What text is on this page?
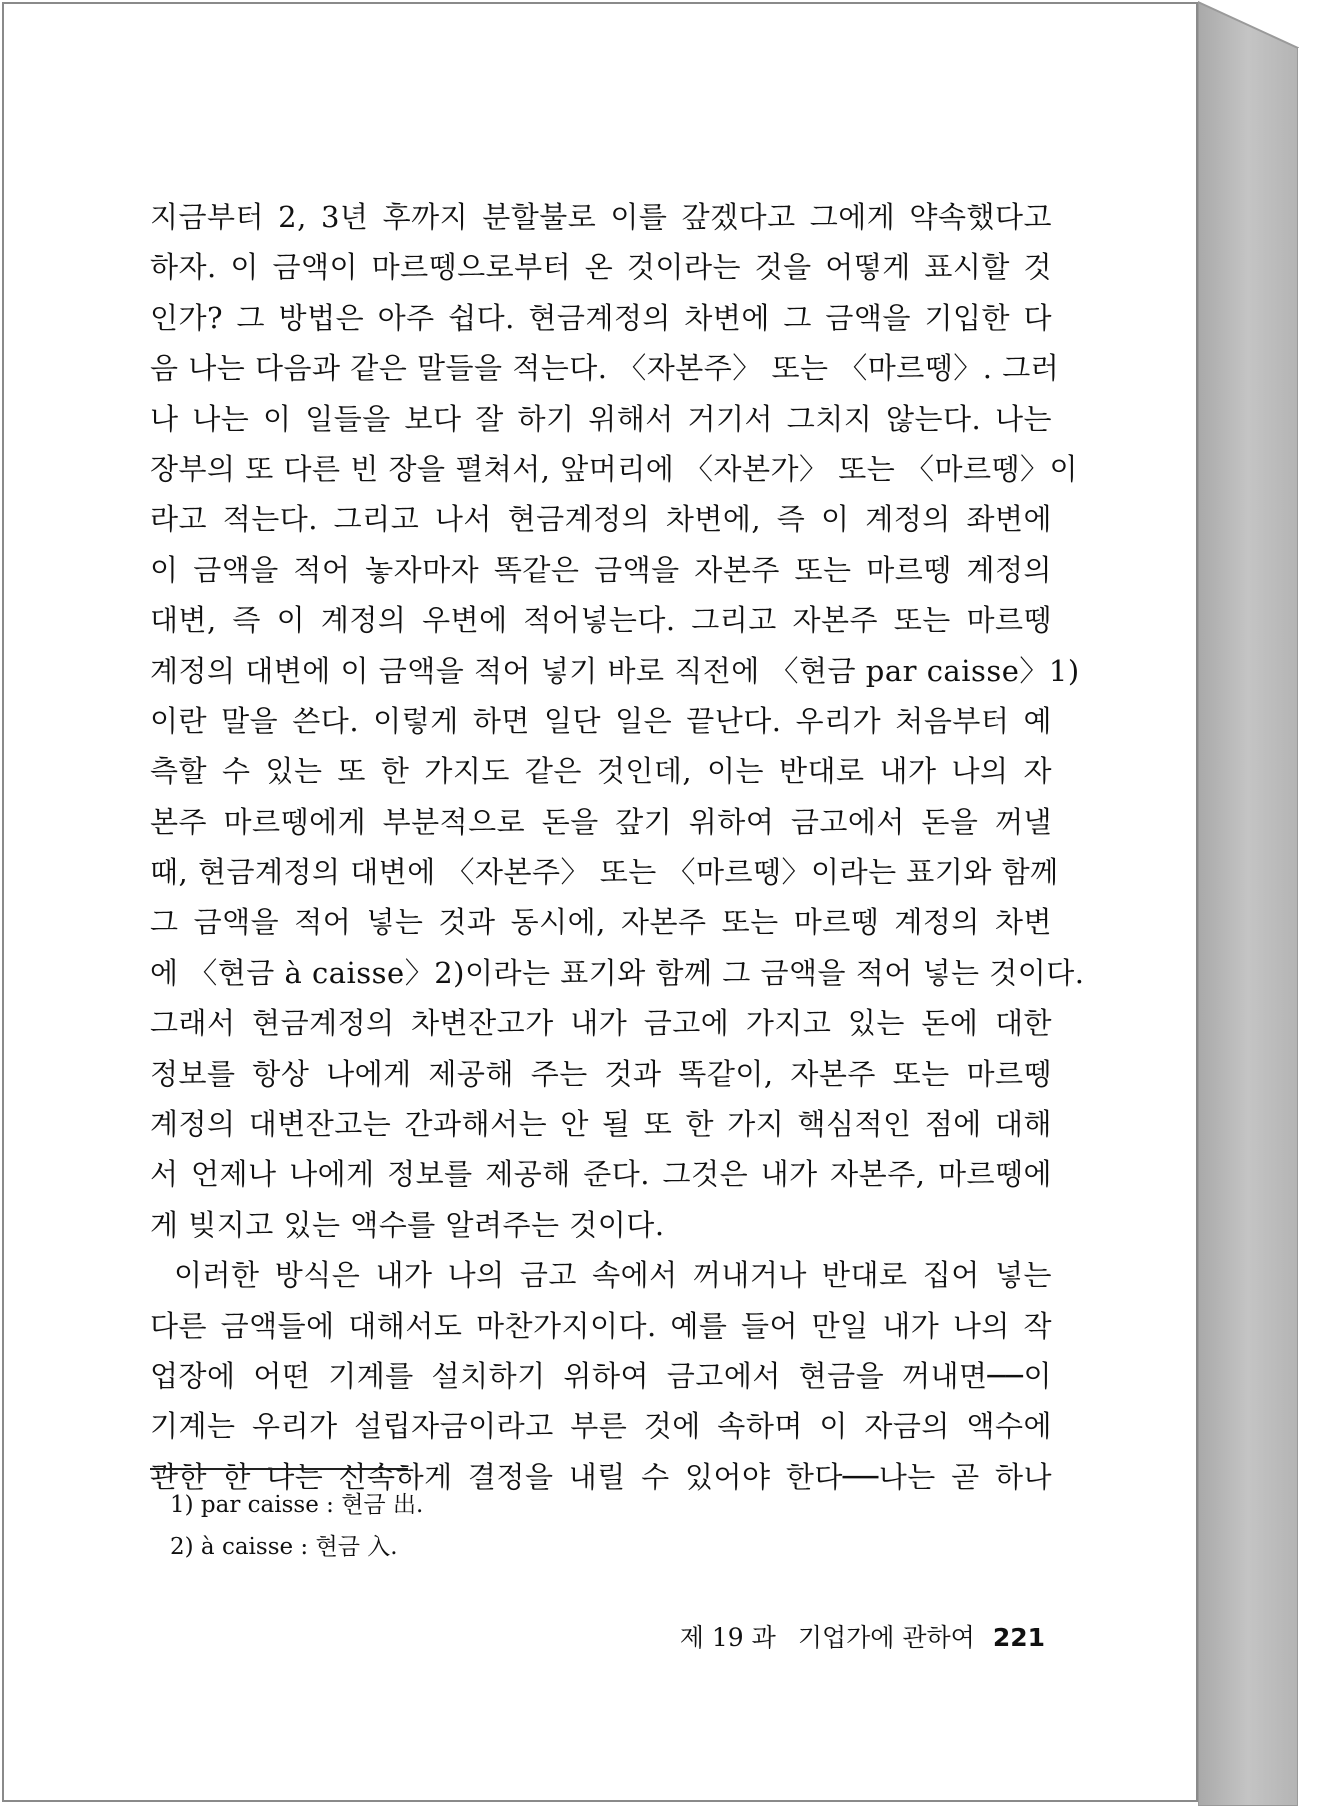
지금부터 2, 3년 후까지 분할불로 이를 갚겠다고 그에게 약속했다고
하자. 이 금액이 마르뗑으로부터 온 것이라는 것을 어떻게 표시할 것
인가? 그 방법은 아주 쉽다. 현금계정의 차변에 그 금액을 기입한 다
음 나는 다음과 같은 말들을 적는다. 〈자본주〉 또는 〈마르뗑〉. 그러
나 나는 이 일들을 보다 잘 하기 위해서 거기서 그치지 않는다. 나는
장부의 또 다른 빈 장을 펼쳐서, 앞머리에 〈자본가〉 또는 〈마르뗑〉이
라고 적는다. 그리고 나서 현금계정의 차변에, 즉 이 계정의 좌변에
이 금액을 적어 놓자마자 똑같은 금액을 자본주 또는 마르뗑 계정의
대변, 즉 이 계정의 우변에 적어넣는다. 그리고 자본주 또는 마르뗑
계정의 대변에 이 금액을 적어 넣기 바로 직전에 〈현금 par caisse〉1)
이란 말을 쓴다. 이렇게 하면 일단 일은 끝난다. 우리가 처음부터 예
측할 수 있는 또 한 가지도 같은 것인데, 이는 반대로 내가 나의 자
본주 마르뗑에게 부분적으로 돈을 갚기 위하여 금고에서 돈을 꺼낼
때, 현금계정의 대변에 〈자본주〉 또는 〈마르뗑〉이라는 표기와 함께
그 금액을 적어 넣는 것과 동시에, 자본주 또는 마르뗑 계정의 차변
에 〈현금 à caisse〉2)이라는 표기와 함께 그 금액을 적어 넣는 것이다.
그래서 현금계정의 차변잔고가 내가 금고에 가지고 있는 돈에 대한
정보를 항상 나에게 제공해 주는 것과 똑같이, 자본주 또는 마르뗑
계정의 대변잔고는 간과해서는 안 될 또 한 가지 핵심적인 점에 대해
서 언제나 나에게 정보를 제공해 준다. 그것은 내가 자본주, 마르뗑에
게 빚지고 있는 액수를 알려주는 것이다.
이러한 방식은 내가 나의 금고 속에서 꺼내거나 반대로 집어 넣는
다른 금액들에 대해서도 마찬가지이다. 예를 들어 만일 내가 나의 작
업장에 어떤 기계를 설치하기 위하여 금고에서 현금을 꺼내면──이
기계는 우리가 설립자금이라고 부른 것에 속하며 이 자금의 액수에
관한 한 나는 신속하게 결정을 내릴 수 있어야 한다──나는 곧 하나
1) par caisse : 현금 出.
2) à caisse : 현금 入.
제 19 과 기업가에 관하여 221
